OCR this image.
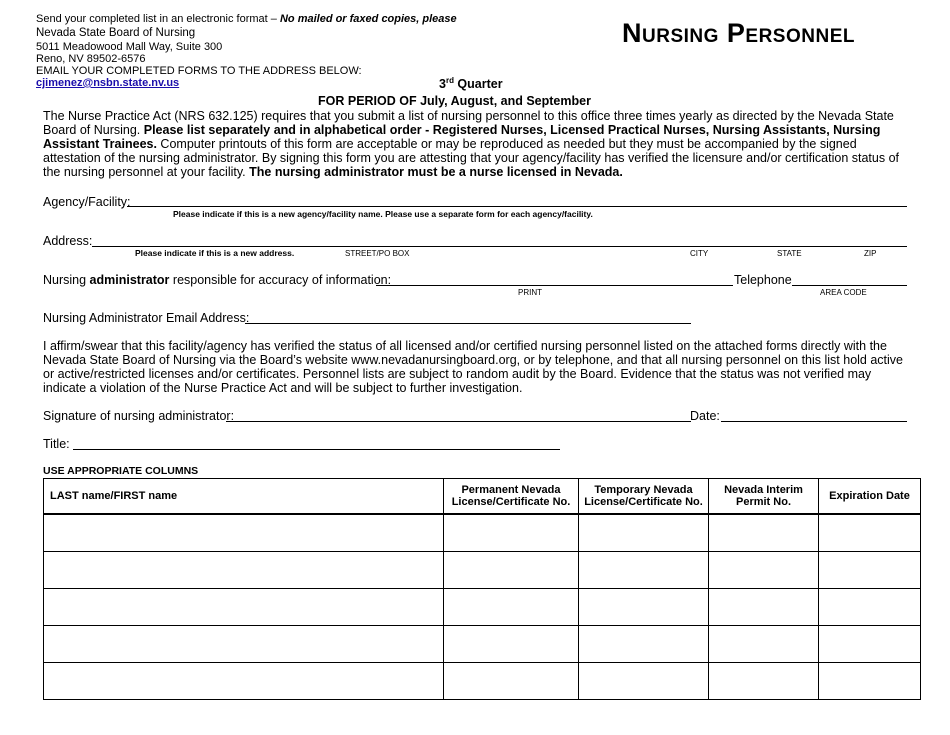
Send your completed list in an electronic format – No mailed or faxed copies, please
Nevada State Board of Nursing
5011 Meadowood Mall Way, Suite 300
Reno, NV 89502-6576
EMAIL YOUR COMPLETED FORMS TO THE ADDRESS BELOW:
cjimenez@nsbn.state.nv.us
Nursing Personnel
3rd Quarter
FOR PERIOD OF July, August, and September

The Nurse Practice Act (NRS 632.125) requires that you submit a list of nursing personnel to this office three times yearly as directed by the Nevada State Board of Nursing. Please list separately and in alphabetical order - Registered Nurses, Licensed Practical Nurses, Nursing Assistants, Nursing Assistant Trainees. Computer printouts of this form are acceptable or may be reproduced as needed but they must be accompanied by the signed attestation of the nursing administrator. By signing this form you are attesting that your agency/facility has verified the licensure and/or certification status of the nursing personnel at your facility. The nursing administrator must be a nurse licensed in Nevada.

Agency/Facility:
Please indicate if this is a new agency/facility name. Please use a separate form for each agency/facility.
Address:
Please indicate if this is a new address.	STREET/PO BOX	CITY	STATE	ZIP
Nursing administrator responsible for accuracy of information:	Telephone
PRINT	AREA CODE
Nursing Administrator Email Address:

I affirm/swear that this facility/agency has verified the status of all licensed and/or certified nursing personnel listed on the attached forms directly with the Nevada State Board of Nursing via the Board’s website www.nevadanursingboard.org, or by telephone, and that all nursing personnel on this list hold active or active/restricted licenses and/or certificates. Personnel lists are subject to random audit by the Board. Evidence that the status was not verified may indicate a violation of the Nurse Practice Act and will be subject to further investigation.

Signature of nursing administrator:	Date:
Title:
USE APPROPRIATE COLUMNS
LAST name/FIRST name	Permanent Nevada License/Certificate No.	Temporary Nevada License/Certificate No.	Nevada Interim Permit No.	Expiration Date
